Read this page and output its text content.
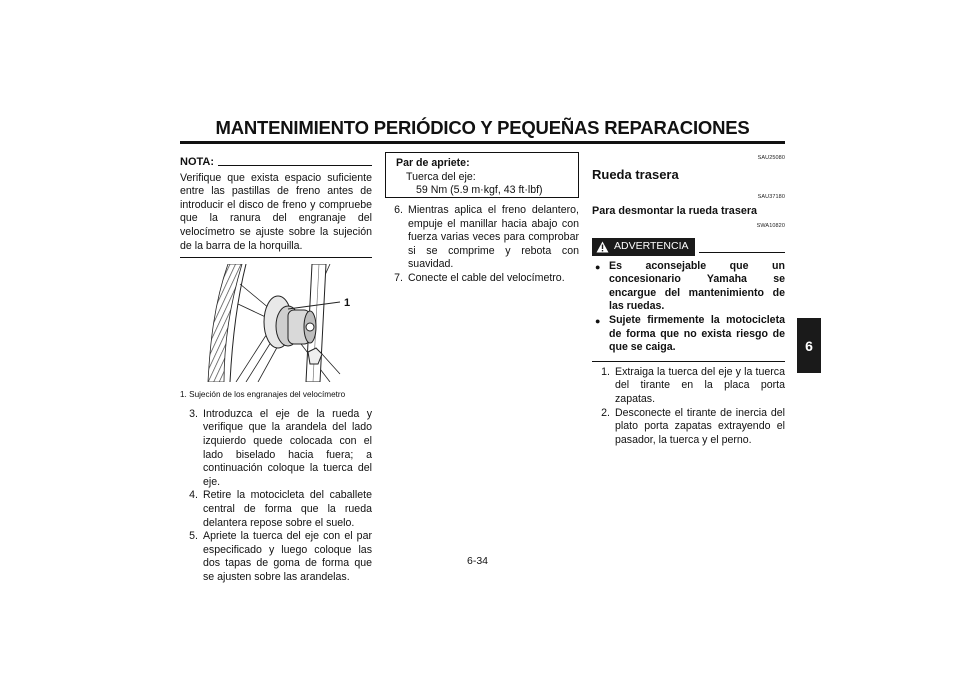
MANTENIMIENTO PERIÓDICO Y PEQUEÑAS REPARACIONES
6
NOTA:
Verifique que exista espacio suficiente entre las pastillas de freno antes de introducir el disco de freno y compruebe que la ranura del engranaje del velocímetro se ajuste sobre la sujeción de la barra de la horquilla.
1
1. Sujeción de los engranajes del velocímetro
3. Introduzca el eje de la rueda y verifique que la arandela del lado izquierdo quede colocada con el lado biselado hacia fuera; a continuación coloque la tuerca del eje.
4. Retire la motocicleta del caballete central de forma que la rueda delantera repose sobre el suelo.
5. Apriete la tuerca del eje con el par especificado y luego coloque las dos tapas de goma de forma que se ajusten sobre las arandelas.
Par de apriete:
Tuerca del eje:
59 Nm (5.9 m·kgf, 43 ft·lbf)
6. Mientras aplica el freno delantero, empuje el manillar hacia abajo con fuerza varias veces para comprobar si se comprime y rebota con suavidad.
7. Conecte el cable del velocímetro.
SAU25080
Rueda trasera
SAU37180
Para desmontar la rueda trasera
SWA10820
ADVERTENCIA
● Es aconsejable que un concesionario Yamaha se encargue del mantenimiento de las ruedas.
● Sujete firmemente la motocicleta de forma que no exista riesgo de que se caiga.
1. Extraiga la tuerca del eje y la tuerca del tirante en la placa porta zapatas.
2. Desconecte el tirante de inercia del plato porta zapatas extrayendo el pasador, la tuerca y el perno.
6-34
